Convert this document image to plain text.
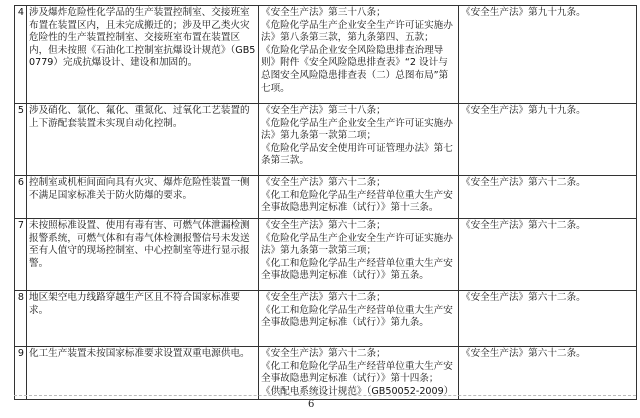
4	涉及爆炸危险性化学品的生产装置控制室、交接班室布置在装置区内，且未完成搬迁的；涉及甲乙类火灾危险性的生产装置控制室、交接班室布置在装置区内，但未按照《石油化工控制室抗爆设计规范》（GB50779）完成抗爆设计、建设和加固的。	《安全生产法》第三十八条；
《危险化学品生产企业安全生产许可证实施办法》第八条第三款，第九条第四、五款；
《危险化学品企业安全风险隐患排查治理导则》附件《安全风险隐患排查表》“2 设计与总图安全风险隐患排查表（二）总图布局”第七项。	《安全生产法》第九十九条。
5	涉及硝化、氯化、氟化、重氮化、过氧化工艺装置的上下游配套装置未实现自动化控制。	《安全生产法》第三十八条；
《危险化学品生产企业安全生产许可证实施办法》第九条第一款第二项；
《危险化学品安全使用许可证管理办法》第七条第三款。	《安全生产法》第九十九条。
6	控制室或机柜间面向具有火灾、爆炸危险性装置一侧不满足国家标准关于防火防爆的要求。	《安全生产法》第六十二条；
《化工和危险化学品生产经营单位重大生产安全事故隐患判定标准（试行）》第十三条。	《安全生产法》第六十二条。
7	未按照标准设置、使用有毒有害、可燃气体泄漏检测报警系统，可燃气体和有毒气体检测报警信号未发送至有人值守的现场控制室、中心控制室等进行显示报警。	《安全生产法》第六十二条；
《危险化学品生产企业安全生产许可证实施办法》第九条第一款第三项；
《化工和危险化学品生产经营单位重大生产安全事故隐患判定标准（试行）》第五条。	《安全生产法》第六十二条。
8	地区架空电力线路穿越生产区且不符合国家标准要求。	《安全生产法》第六十二条；
《化工和危险化学品生产经营单位重大生产安全事故隐患判定标准（试行）》第九条。	《安全生产法》第六十二条。
9	化工生产装置未按国家标准要求设置双重电源供电。	《安全生产法》第六十二条；
《化工和危险化学品生产经营单位重大生产安全事故隐患判定标准（试行）》第十四条；
《供配电系统设计规范》（GB50052-2009）	《安全生产法》第六十二条。
6
